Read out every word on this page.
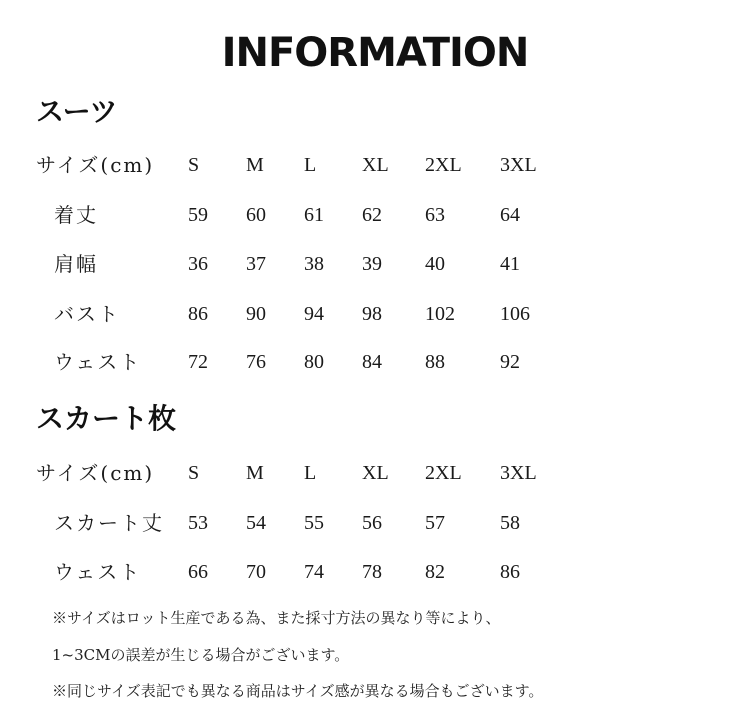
INFORMATION
スーツ
サイズ(cm) S M L XL 2XL 3XL
着丈	59 60 61 62 63	64
肩幅	36 37 38 39 40	41
バスト	86 90 94 98 102 106
ウェスト 72 76 80 84 88	92
スカート枚
サイズ(cm) S M L XL 2XL 3XL
スカート丈 53 54 55 56 57	58
ウェスト 66 70 74 78 82	86
※サイズはロット生産である為、また採寸方法の異なり等により、
1~3CMの誤差が生じる場合がございます。
※同じサイズ表記でも異なる商品はサイズ感が異なる場合もございます。
